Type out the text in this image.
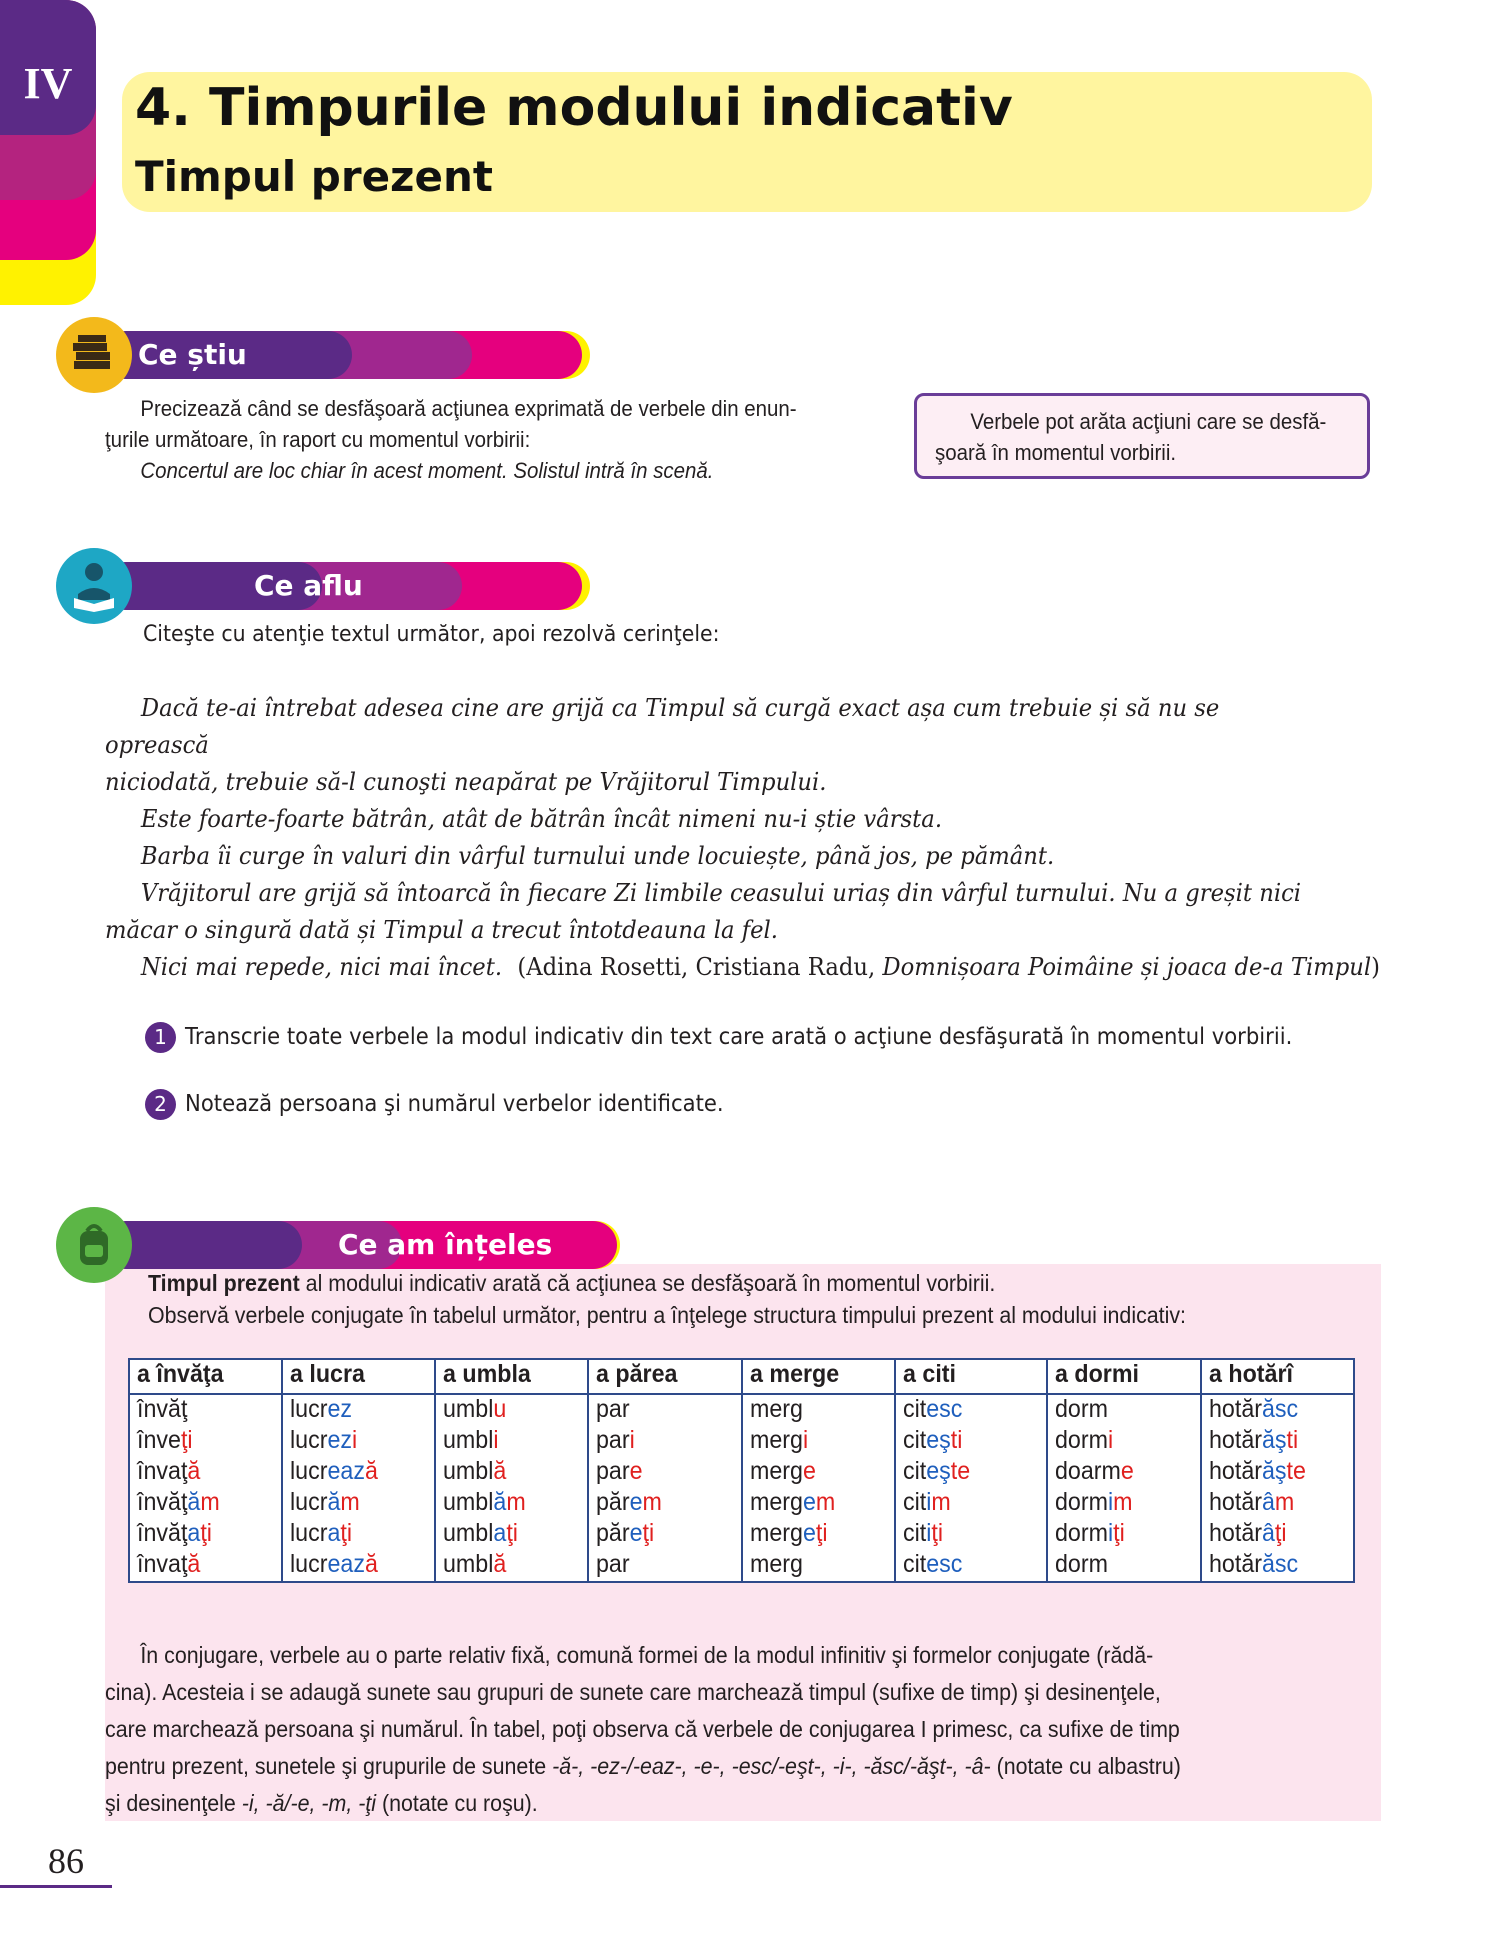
IV	4. Timpurile modului indicativ
Timpul prezent
Ce știu

Precizează când se desfăşoară acţiunea exprimată de verbele din enun-

ţurile următoare, în raport cu momentul vorbirii:

Concertul are loc chiar în acest moment. Solistul intră în scenă.

Verbele pot arăta acţiuni care se desfă-
şoară în momentul vorbirii.
Ce aflu
Citeşte cu atenţie textul următor, apoi rezolvă cerinţele:

Dacă te-ai întrebat adesea cine are grijă ca Timpul să curgă exact așa cum trebuie și să nu se oprească

niciodată, trebuie să-l cunoşti neapărat pe Vrăjitorul Timpului.

Este foarte-foarte bătrân, atât de bătrân încât nimeni nu-i știe vârsta.

Barba îi curge în valuri din vârful turnului unde locuiește, până jos, pe pământ.

Vrăjitorul are grijă să întoarcă în fiecare Zi limbile ceasului uriaș din vârful turnului. Nu a greșit nici

măcar o singură dată și Timpul a trecut întotdeauna la fel.

Nici mai repede, nici mai încet. (Adina Rosetti, Cristiana Radu, Domnișoara Poimâine și joaca de-a Timpul)
1 Transcrie toate verbele la modul indicativ din text care arată o acţiune desfăşurată în momentul vorbirii.
2 Notează persoana şi numărul verbelor identificate.
Ce am înțeles
Timpul prezent al modului indicativ arată că acţiunea se desfăşoară în momentul vorbirii.
Observă verbele conjugate în tabelul următor, pentru a înţelege structura timpului prezent al modului indicativ:
a învăţa	a lucra	a umbla	a părea	a merge	a citi	a dormi	a hotărî
învăţ	lucrez	umblu	par	merg	citesc	dorm	hotărăsc
înveţi	lucrezi	umbli	pari	mergi	citeşti	dormi	hotărăşti
învaţă	lucrează	umblă	pare	merge	citeşte	doarme	hotărăşte
învăţăm	lucrăm	umblăm	părem	mergem	citim	dormim	hotărâm
învăţaţi	lucraţi	umblaţi	păreţi	mergeţi	citiţi	dormiţi	hotărâţi
învaţă	lucrează	umblă	par	merg	citesc	dorm	hotărăsc

În conjugare, verbele au o parte relativ fixă, comună formei de la modul infinitiv şi formelor conjugate (rădă-

cina). Acesteia i se adaugă sunete sau grupuri de sunete care marchează timpul (sufixe de timp) şi desinenţele,
care marchează persoana şi numărul. În tabel, poţi observa că verbele de conjugarea I primesc, ca sufixe de timp
pentru prezent, sunetele şi grupurile de sunete -ă-, -ez-/-eaz-, -e-, -esc/-eşt-, -i-, -ăsc/-ăşt-, -â- (notate cu albastru)
şi desinenţele -i, -ă/-e, -m, -ţi (notate cu roşu).
86
